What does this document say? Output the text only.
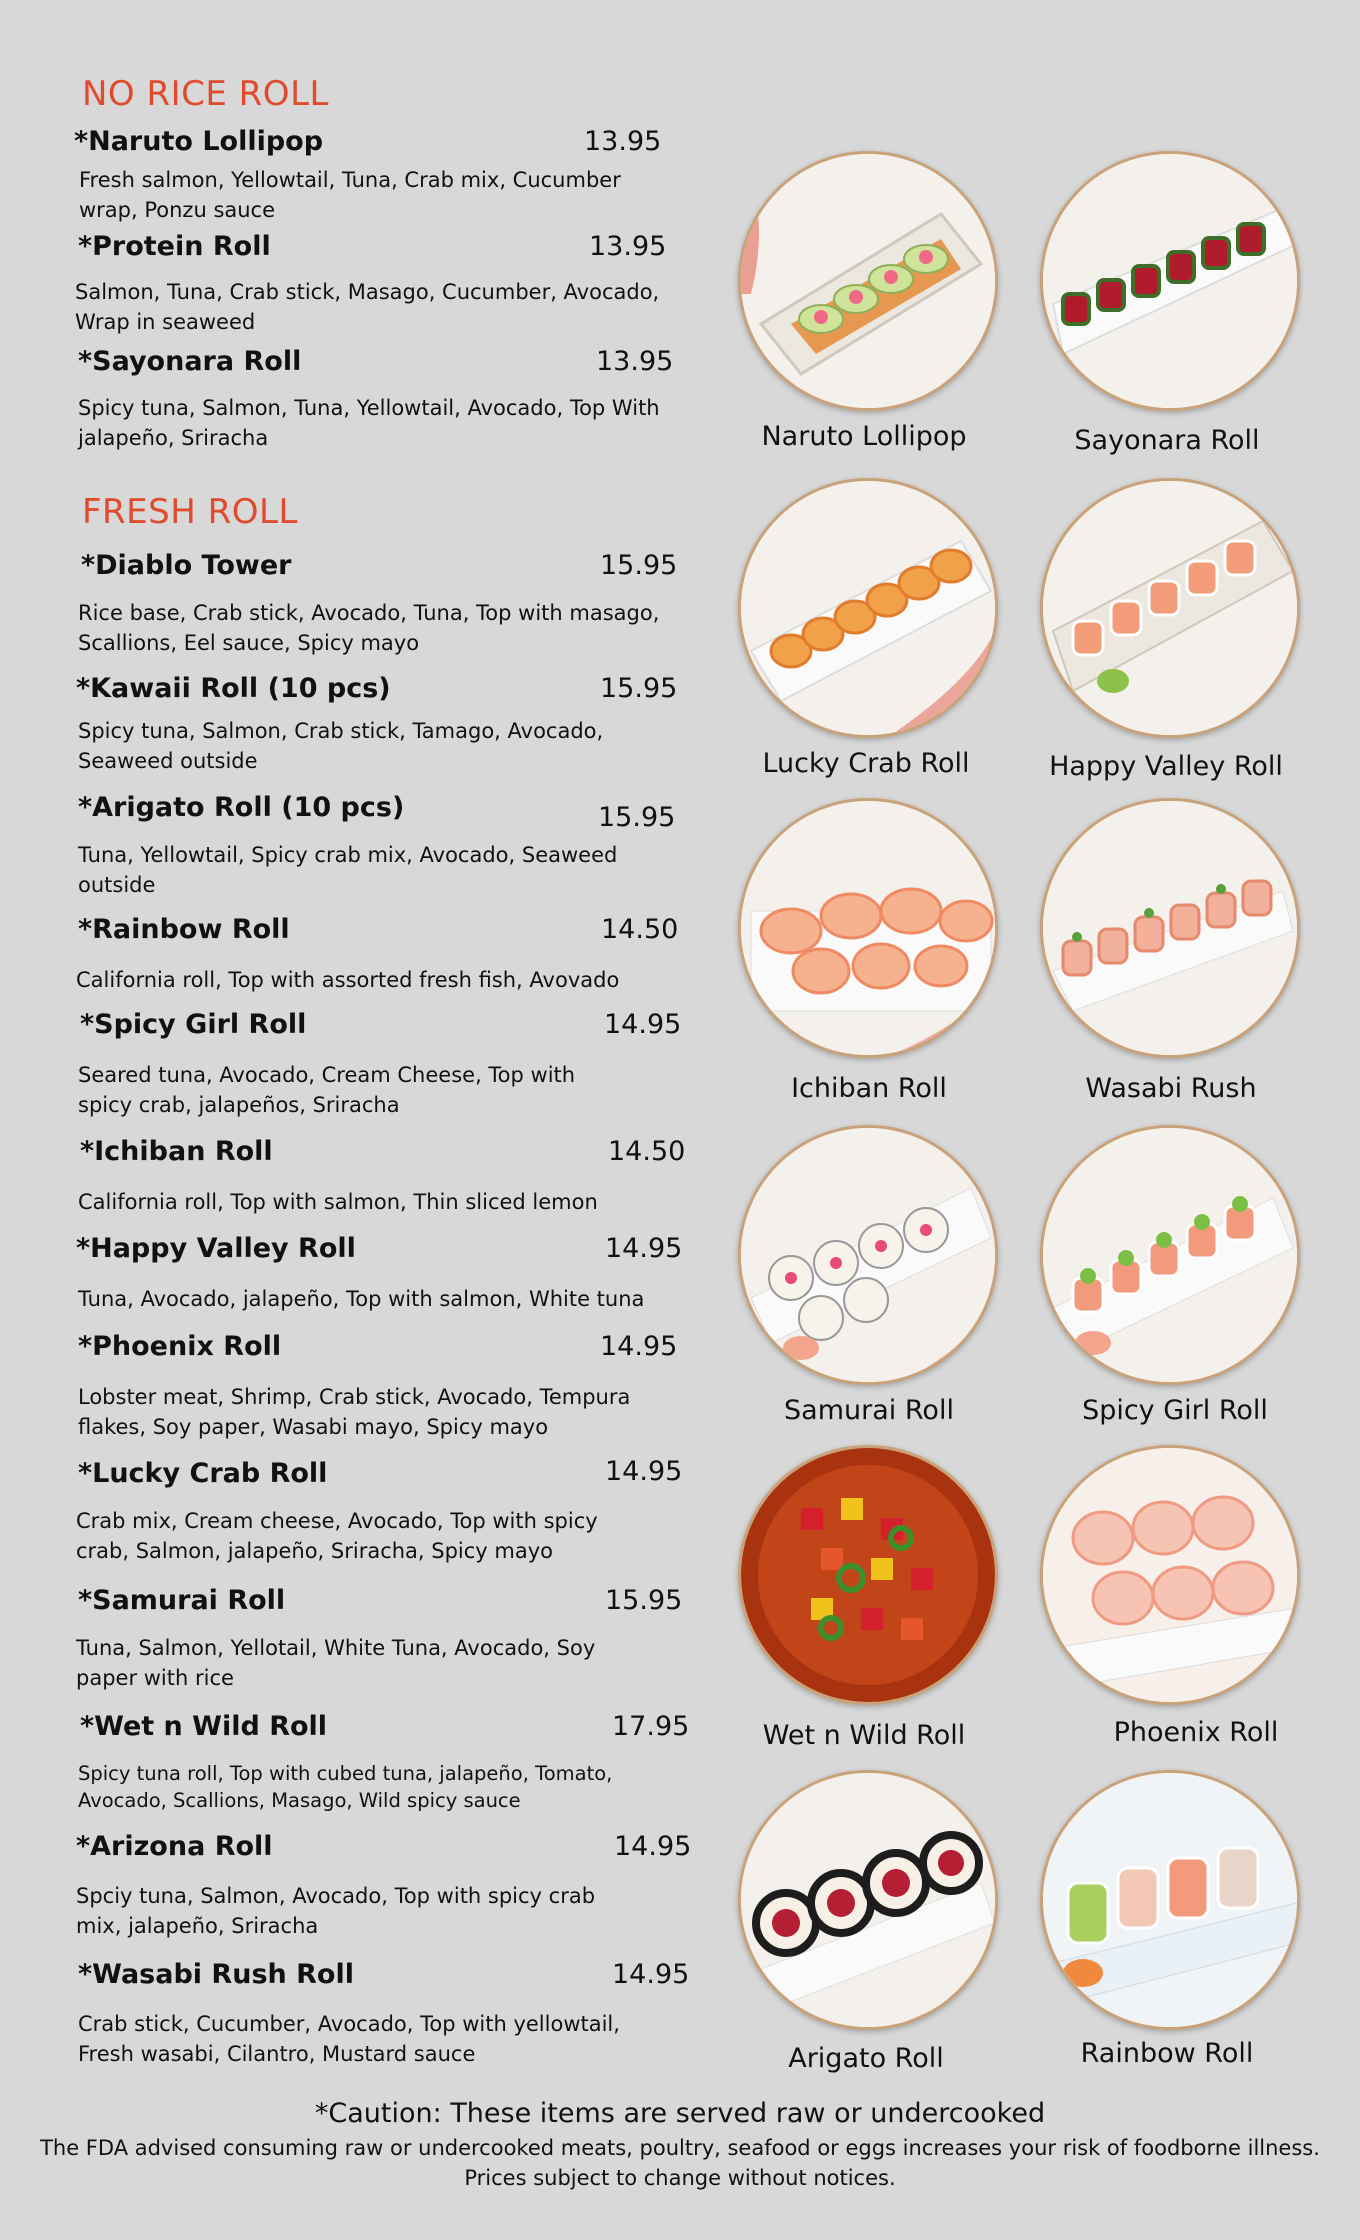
NO RICE ROLL
FRESH ROLL
*Naruto Lollipop	13.95
Fresh salmon, Yellowtail, Tuna, Crab mix, Cucumber wrap, Ponzu sauce
*Protein Roll	13.95
Salmon, Tuna, Crab stick, Masago, Cucumber, Avocado, Wrap in seaweed
*Sayonara Roll	13.95
Spicy tuna, Salmon, Tuna, Yellowtail, Avocado, Top With jalapeño, Sriracha
*Diablo Tower	15.95
Rice base, Crab stick, Avocado, Tuna, Top with masago, Scallions, Eel sauce, Spicy mayo
*Kawaii Roll (10 pcs)	15.95
Spicy tuna, Salmon, Crab stick, Tamago, Avocado, Seaweed outside
*Arigato Roll (10 pcs)	15.95
Tuna, Yellowtail, Spicy crab mix, Avocado, Seaweed outside
*Rainbow Roll	14.50
California roll, Top with assorted fresh fish, Avovado
*Spicy Girl Roll	14.95
Seared tuna, Avocado, Cream Cheese, Top with spicy crab, jalapeños, Sriracha
*Ichiban Roll	14.50
California roll, Top with salmon, Thin sliced lemon
*Happy Valley Roll	14.95
Tuna, Avocado, jalapeño, Top with salmon, White tuna
*Phoenix Roll	14.95
Lobster meat, Shrimp, Crab stick, Avocado, Tempura flakes, Soy paper, Wasabi mayo, Spicy mayo
*Lucky Crab Roll	14.95
Crab mix, Cream cheese, Avocado, Top with spicy crab, Salmon, jalapeño, Sriracha, Spicy mayo
*Samurai Roll	15.95
Tuna, Salmon, Yellotail, White Tuna, Avocado, Soy paper with rice
*Wet n Wild Roll	17.95
Spicy tuna roll, Top with cubed tuna, jalapeño, Tomato, Avocado, Scallions, Masago, Wild spicy sauce
*Arizona Roll	14.95
Spciy tuna, Salmon, Avocado, Top with spicy crab mix, jalapeño, Sriracha
*Wasabi Rush Roll	14.95
Crab stick, Cucumber, Avocado, Top with yellowtail, Fresh wasabi, Cilantro, Mustard sauce
Naruto Lollipop	Sayonara Roll
Lucky Crab Roll	Happy Valley Roll
Ichiban Roll	Wasabi Rush
Samurai Roll	Spicy Girl Roll
Wet n Wild Roll	Phoenix Roll
Arigato Roll	Rainbow Roll
*Caution: These items are served raw or undercooked
The FDA advised consuming raw or undercooked meats, poultry, seafood or eggs increases your risk of foodborne illness.
Prices subject to change without notices.
